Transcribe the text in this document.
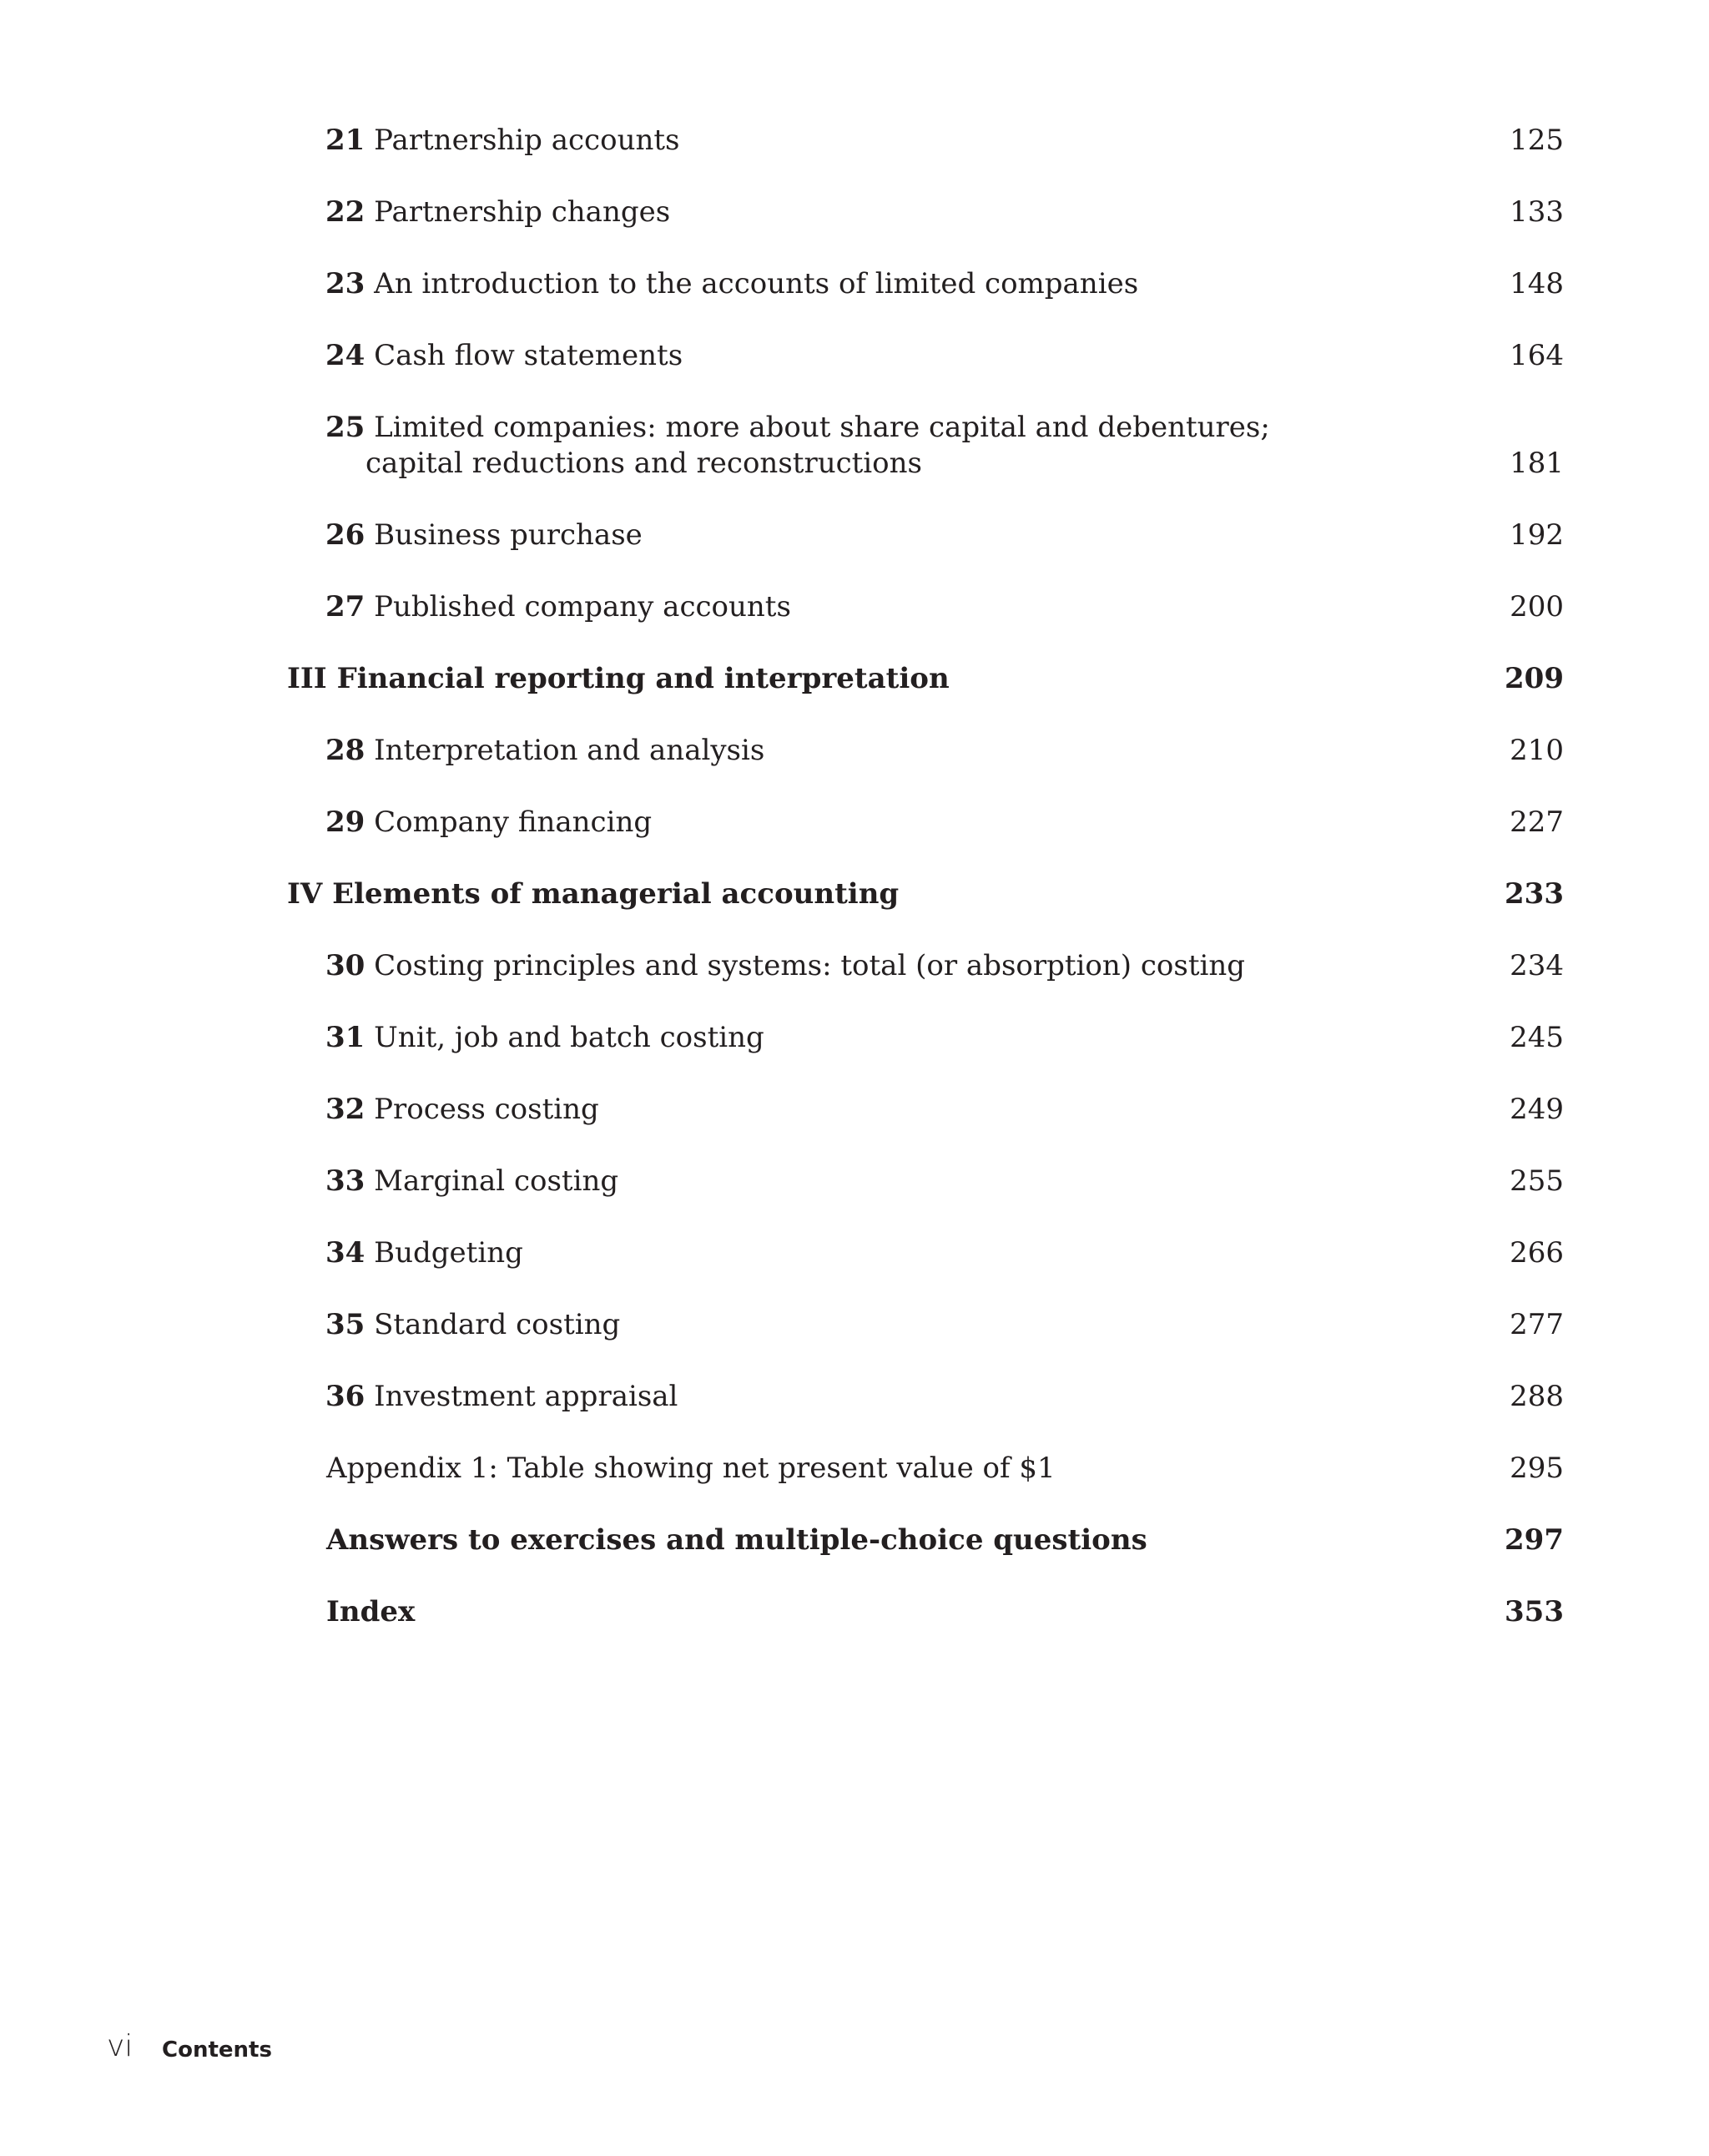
21 Partnership accounts	125
22 Partnership changes	133
23 An introduction to the accounts of limited companies	148
24 Cash flow statements	164
25 Limited companies: more about share capital and debentures;
capital reductions and reconstructions	181
26 Business purchase	192
27 Published company accounts	200
III Financial reporting and interpretation	209
28 Interpretation and analysis	210
29 Company financing	227
IV Elements of managerial accounting	233
30 Costing principles and systems: total (or absorption) costing	234
31 Unit, job and batch costing	245
32 Process costing	249
33 Marginal costing	255
34 Budgeting	266
35 Standard costing	277
36 Investment appraisal	288
Appendix 1: Table showing net present value of $1	295
Answers to exercises and multiple-choice questions	297
Index	353
vi Contents
